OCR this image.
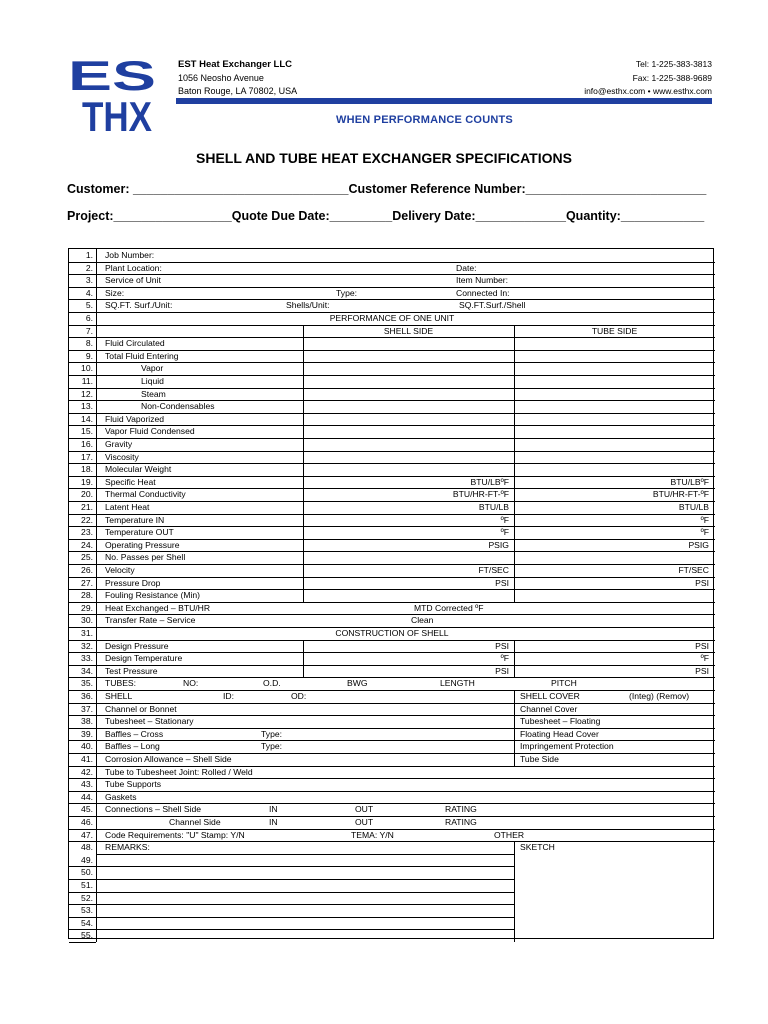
ES
THX
EST Heat Exchanger LLC
1056 Neosho Avenue
Baton Rouge, LA 70802, USA
Tel: 1-225-383-3813
Fax: 1-225-388-9689
info@esthx.com • www.esthx.com
WHEN PERFORMANCE COUNTS
SHELL AND TUBE HEAT EXCHANGER SPECIFICATIONS
Customer: _______________________________Customer Reference Number:__________________________
Project:_________________Quote Due Date:_________Delivery Date:_____________Quantity:____________
1. Job Number:
2. Plant Location:	Date:
3. Service of Unit	Item Number:
4. Size:	Type:	Connected In:
5. SQ.FT. Surf./Unit:	Shells/Unit:	SQ.FT.Surf./Shell
6.	PERFORMANCE OF ONE UNIT
7.	SHELL SIDE	TUBE SIDE
8. Fluid Circulated
9. Total Fluid Entering
10.	Vapor
11.	Liquid
12.	Steam
13.	Non-Condensables
14. Fluid Vaporized
15. Vapor Fluid Condensed
16. Gravity
17. Viscosity
18. Molecular Weight
19. Specific Heat	BTU/LBºF	BTU/LBºF
20. Thermal Conductivity	BTU/HR-FT-ºF	BTU/HR-FT-ºF
21. Latent Heat	BTU/LB	BTU/LB
22. Temperature IN	ºF	ºF
23. Temperature OUT	ºF	ºF
24. Operating Pressure	PSIG	PSIG
25. No. Passes per Shell
26. Velocity	FT/SEC	FT/SEC
27. Pressure Drop	PSI	PSI
28. Fouling Resistance (Min)
29. Heat Exchanged – BTU/HR	MTD Corrected ºF
30. Transfer Rate – Service	Clean
31.	CONSTRUCTION OF SHELL
32. Design Pressure	PSI	PSI
33. Design Temperature	ºF	ºF
34. Test Pressure	PSI	PSI
35. TUBES:	NO:	O.D.	BWG	LENGTH	PITCH
36. SHELL	ID:	OD:	SHELL COVER	(Integ) (Remov)
37. Channel or Bonnet	Channel Cover
38. Tubesheet – Stationary	Tubesheet – Floating
39. Baffles – Cross	Type:	Floating Head Cover
40. Baffles – Long	Type:	Impringement Protection
41. Corrosion Allowance – Shell Side	Tube Side
42. Tube to Tubesheet Joint: Rolled / Weld
43. Tube Supports
44. Gaskets
45. Connections – Shell Side	IN	OUT	RATING
46.	Channel Side	IN	OUT	RATING
47. Code Requirements: "U" Stamp: Y/N	TEMA: Y/N	OTHER
48. REMARKS:	SKETCH
49.
50.
51.
52.
53.
54.
55.
